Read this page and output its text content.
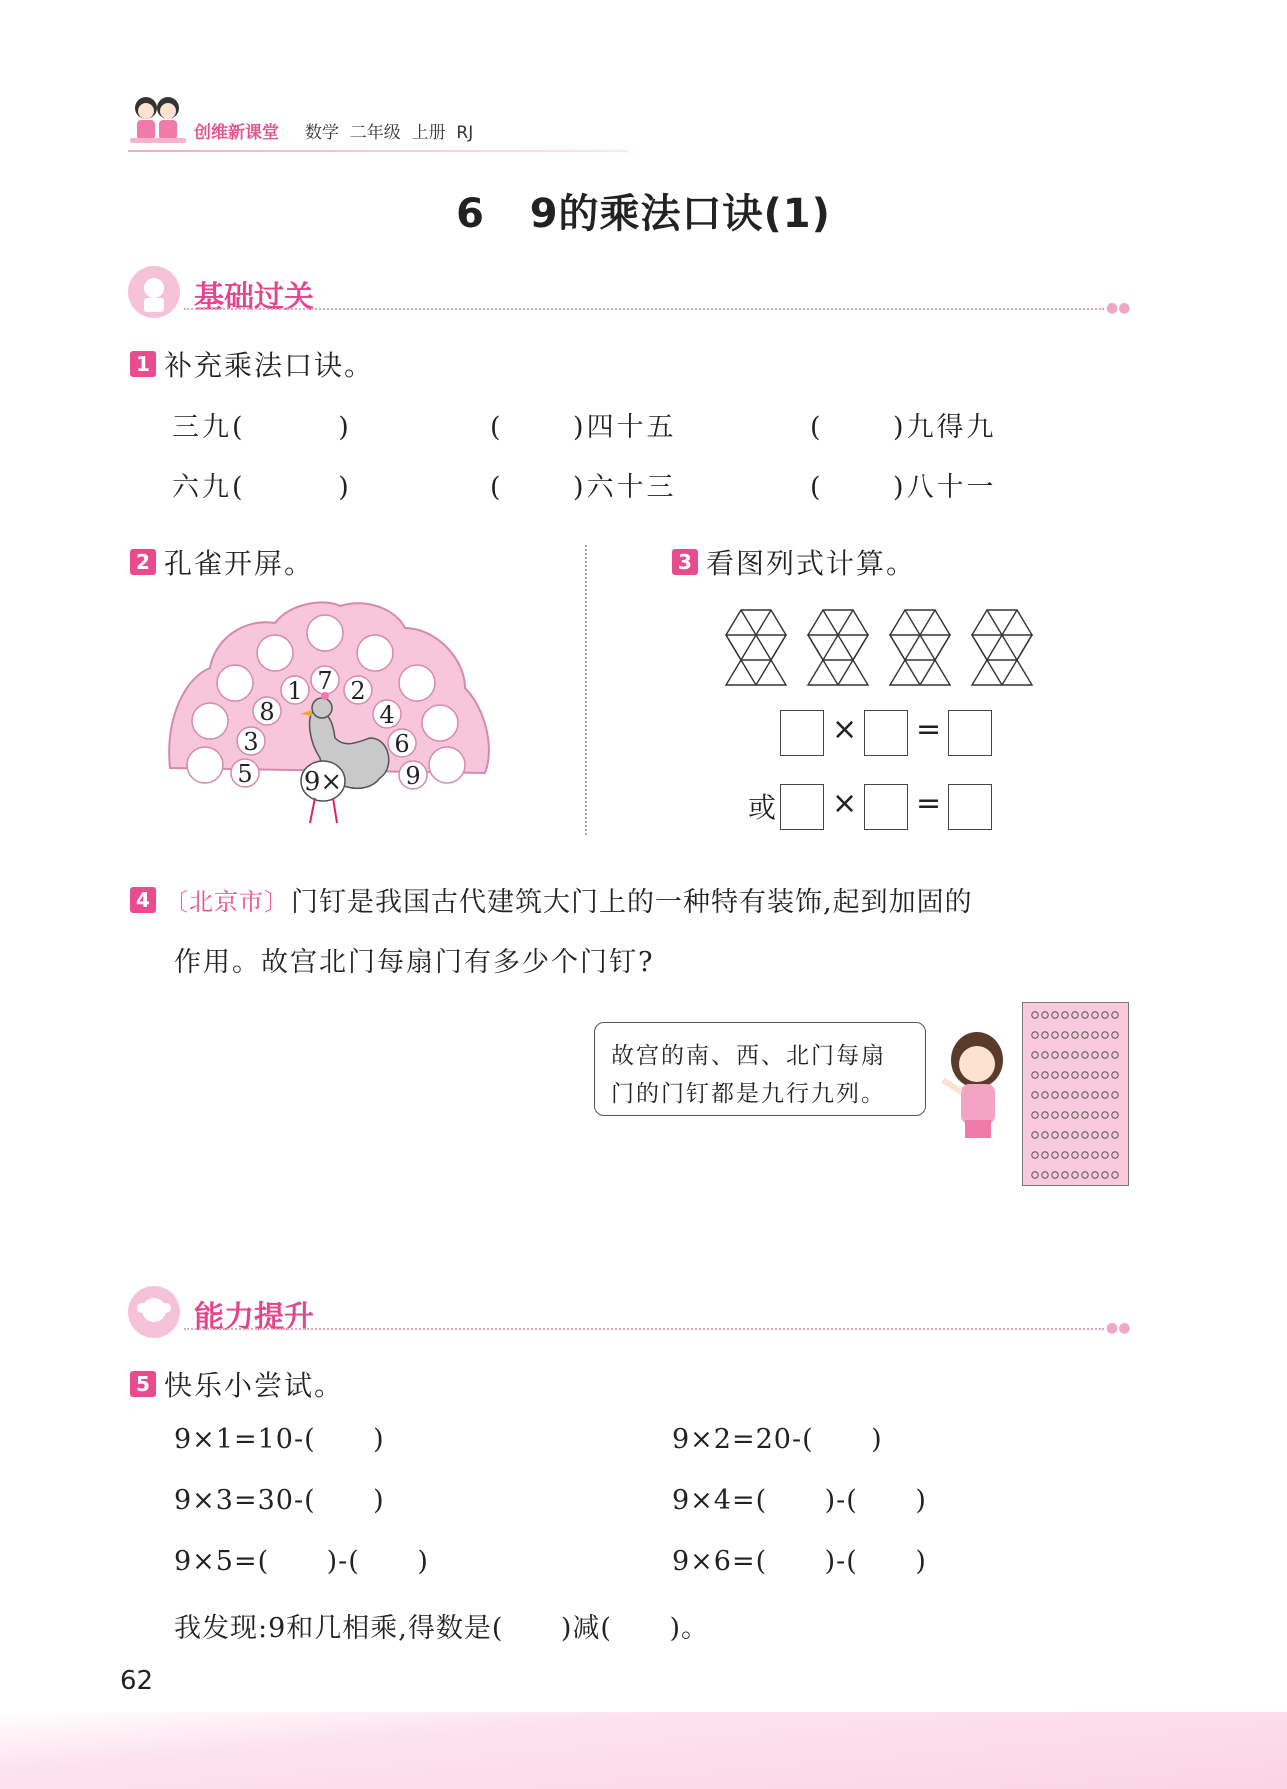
创维新课堂 数学  二年级  上册  RJ
6   9的乘法口诀(1)
基础过关	●●
1 补充乘法口诀。
三九(        )	(      )四十五	(      )九得九
六九(        )	(      )六十三	(      )八十一
2 孔雀开屏。
7
1 2
8	4
3	6
5	9
9×
3 看图列式计算。
× =
或 × =
4 〔北京市〕门钉是我国古代建筑大门上的一种特有装饰,起到加固的
作用。故宫北门每扇门有多少个门钉?

故宫的南、西、北门每扇

门的门钉都是九行九列。

能力提升	●●
5 快乐小尝试。
9×1=10-(      )	9×2=20-(      )
9×3=30-(      )	9×4=(      )-(      )
9×5=(      )-(      )	9×6=(      )-(      )
我发现:9和几相乘,得数是(      )减(      )。
62
